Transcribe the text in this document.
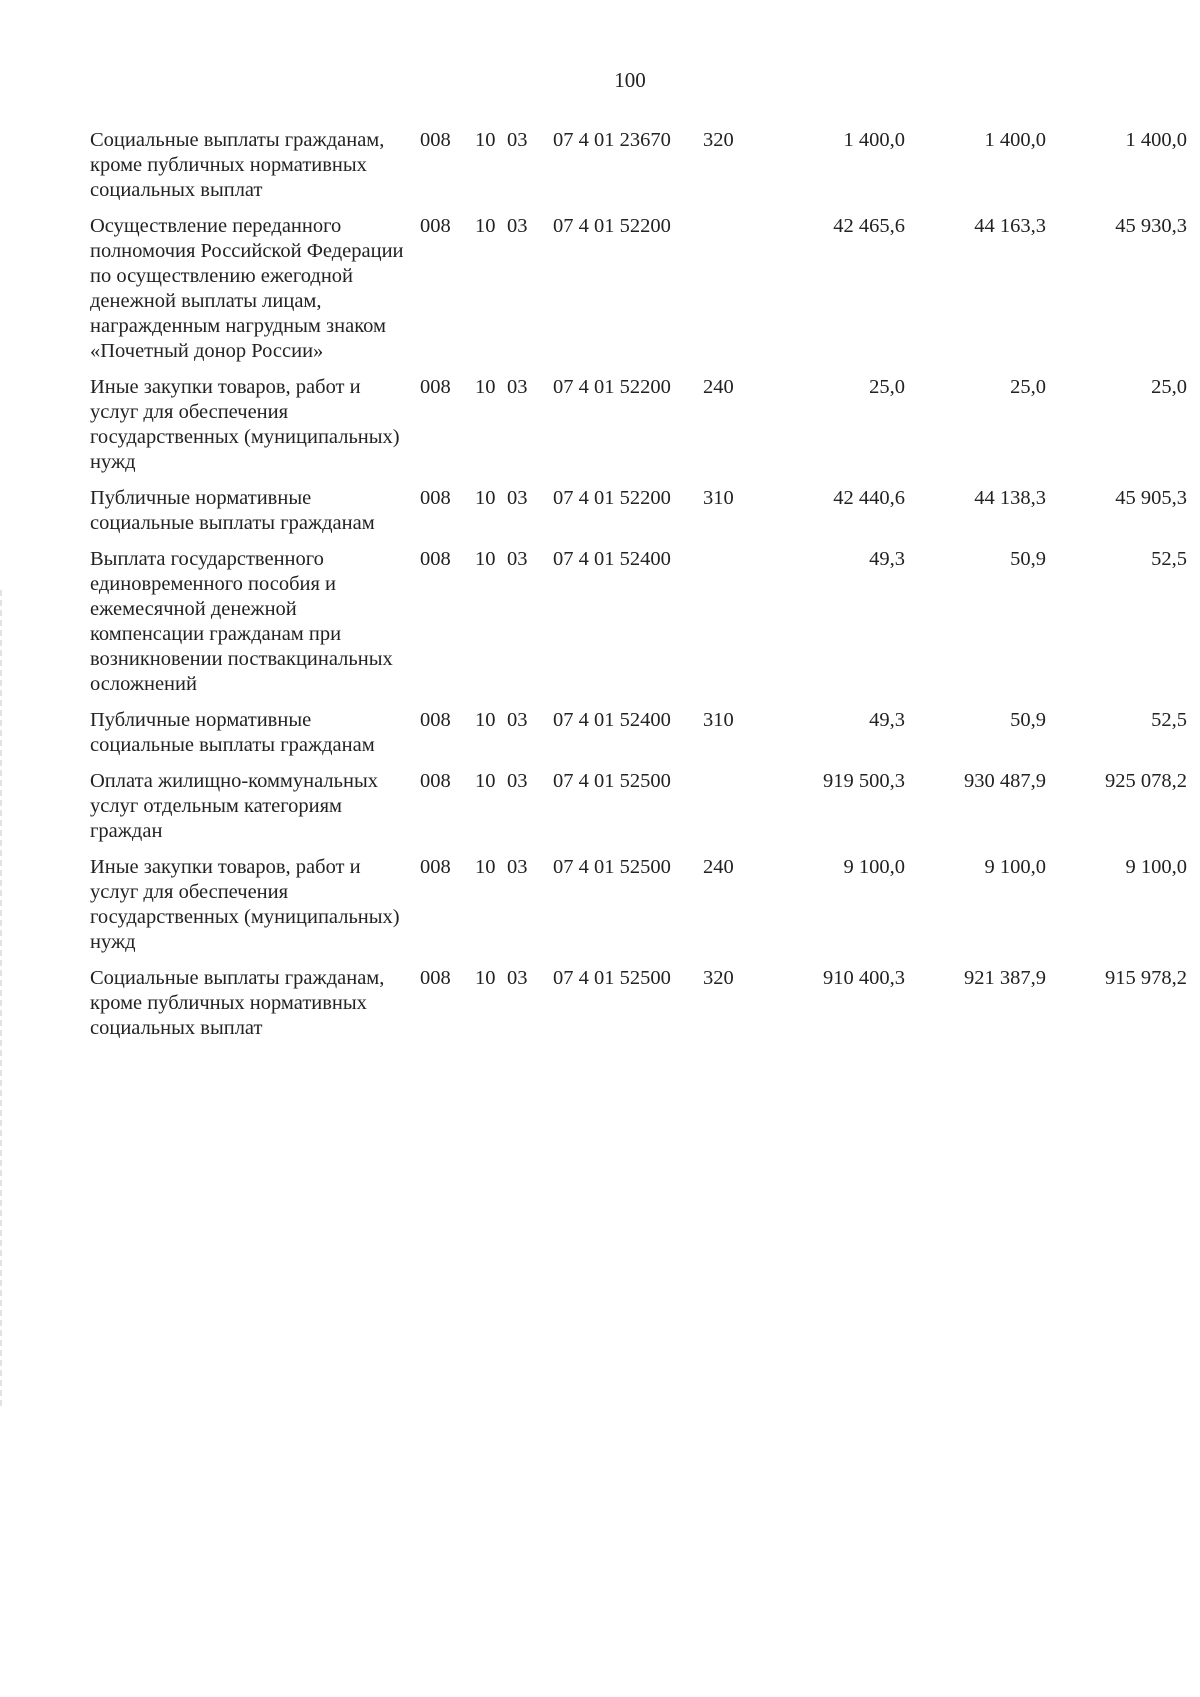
100
Социальные выплаты гражданам, кроме публичных нормативных социальных выплат	008	10	03	07 4 01 23670	320	1 400,0	1 400,0	1 400,0

Осуществление переданного полномочия Российской Федерации по осуществлению ежегодной денежной выплаты лицам, награжденным нагрудным знаком «Почетный донор России»	008	10	03	07 4 01 52200		42 465,6	44 163,3	45 930,3

Иные закупки товаров, работ и услуг для обеспечения государственных (муниципальных) нужд	008	10	03	07 4 01 52200	240	25,0	25,0	25,0

Публичные нормативные социальные выплаты гражданам	008	10	03	07 4 01 52200	310	42 440,6	44 138,3	45 905,3

Выплата государственного единовременного пособия и ежемесячной денежной компенсации гражданам при возникновении поствакцинальных осложнений	008	10	03	07 4 01 52400		49,3	50,9	52,5

Публичные нормативные социальные выплаты гражданам	008	10	03	07 4 01 52400	310	49,3	50,9	52,5

Оплата жилищно-коммунальных услуг отдельным категориям граждан	008	10	03	07 4 01 52500		919 500,3	930 487,9	925 078,2

Иные закупки товаров, работ и услуг для обеспечения государственных (муниципальных) нужд	008	10	03	07 4 01 52500	240	9 100,0	9 100,0	9 100,0

Социальные выплаты гражданам, кроме публичных нормативных социальных выплат	008	10	03	07 4 01 52500	320	910 400,3	921 387,9	915 978,2
